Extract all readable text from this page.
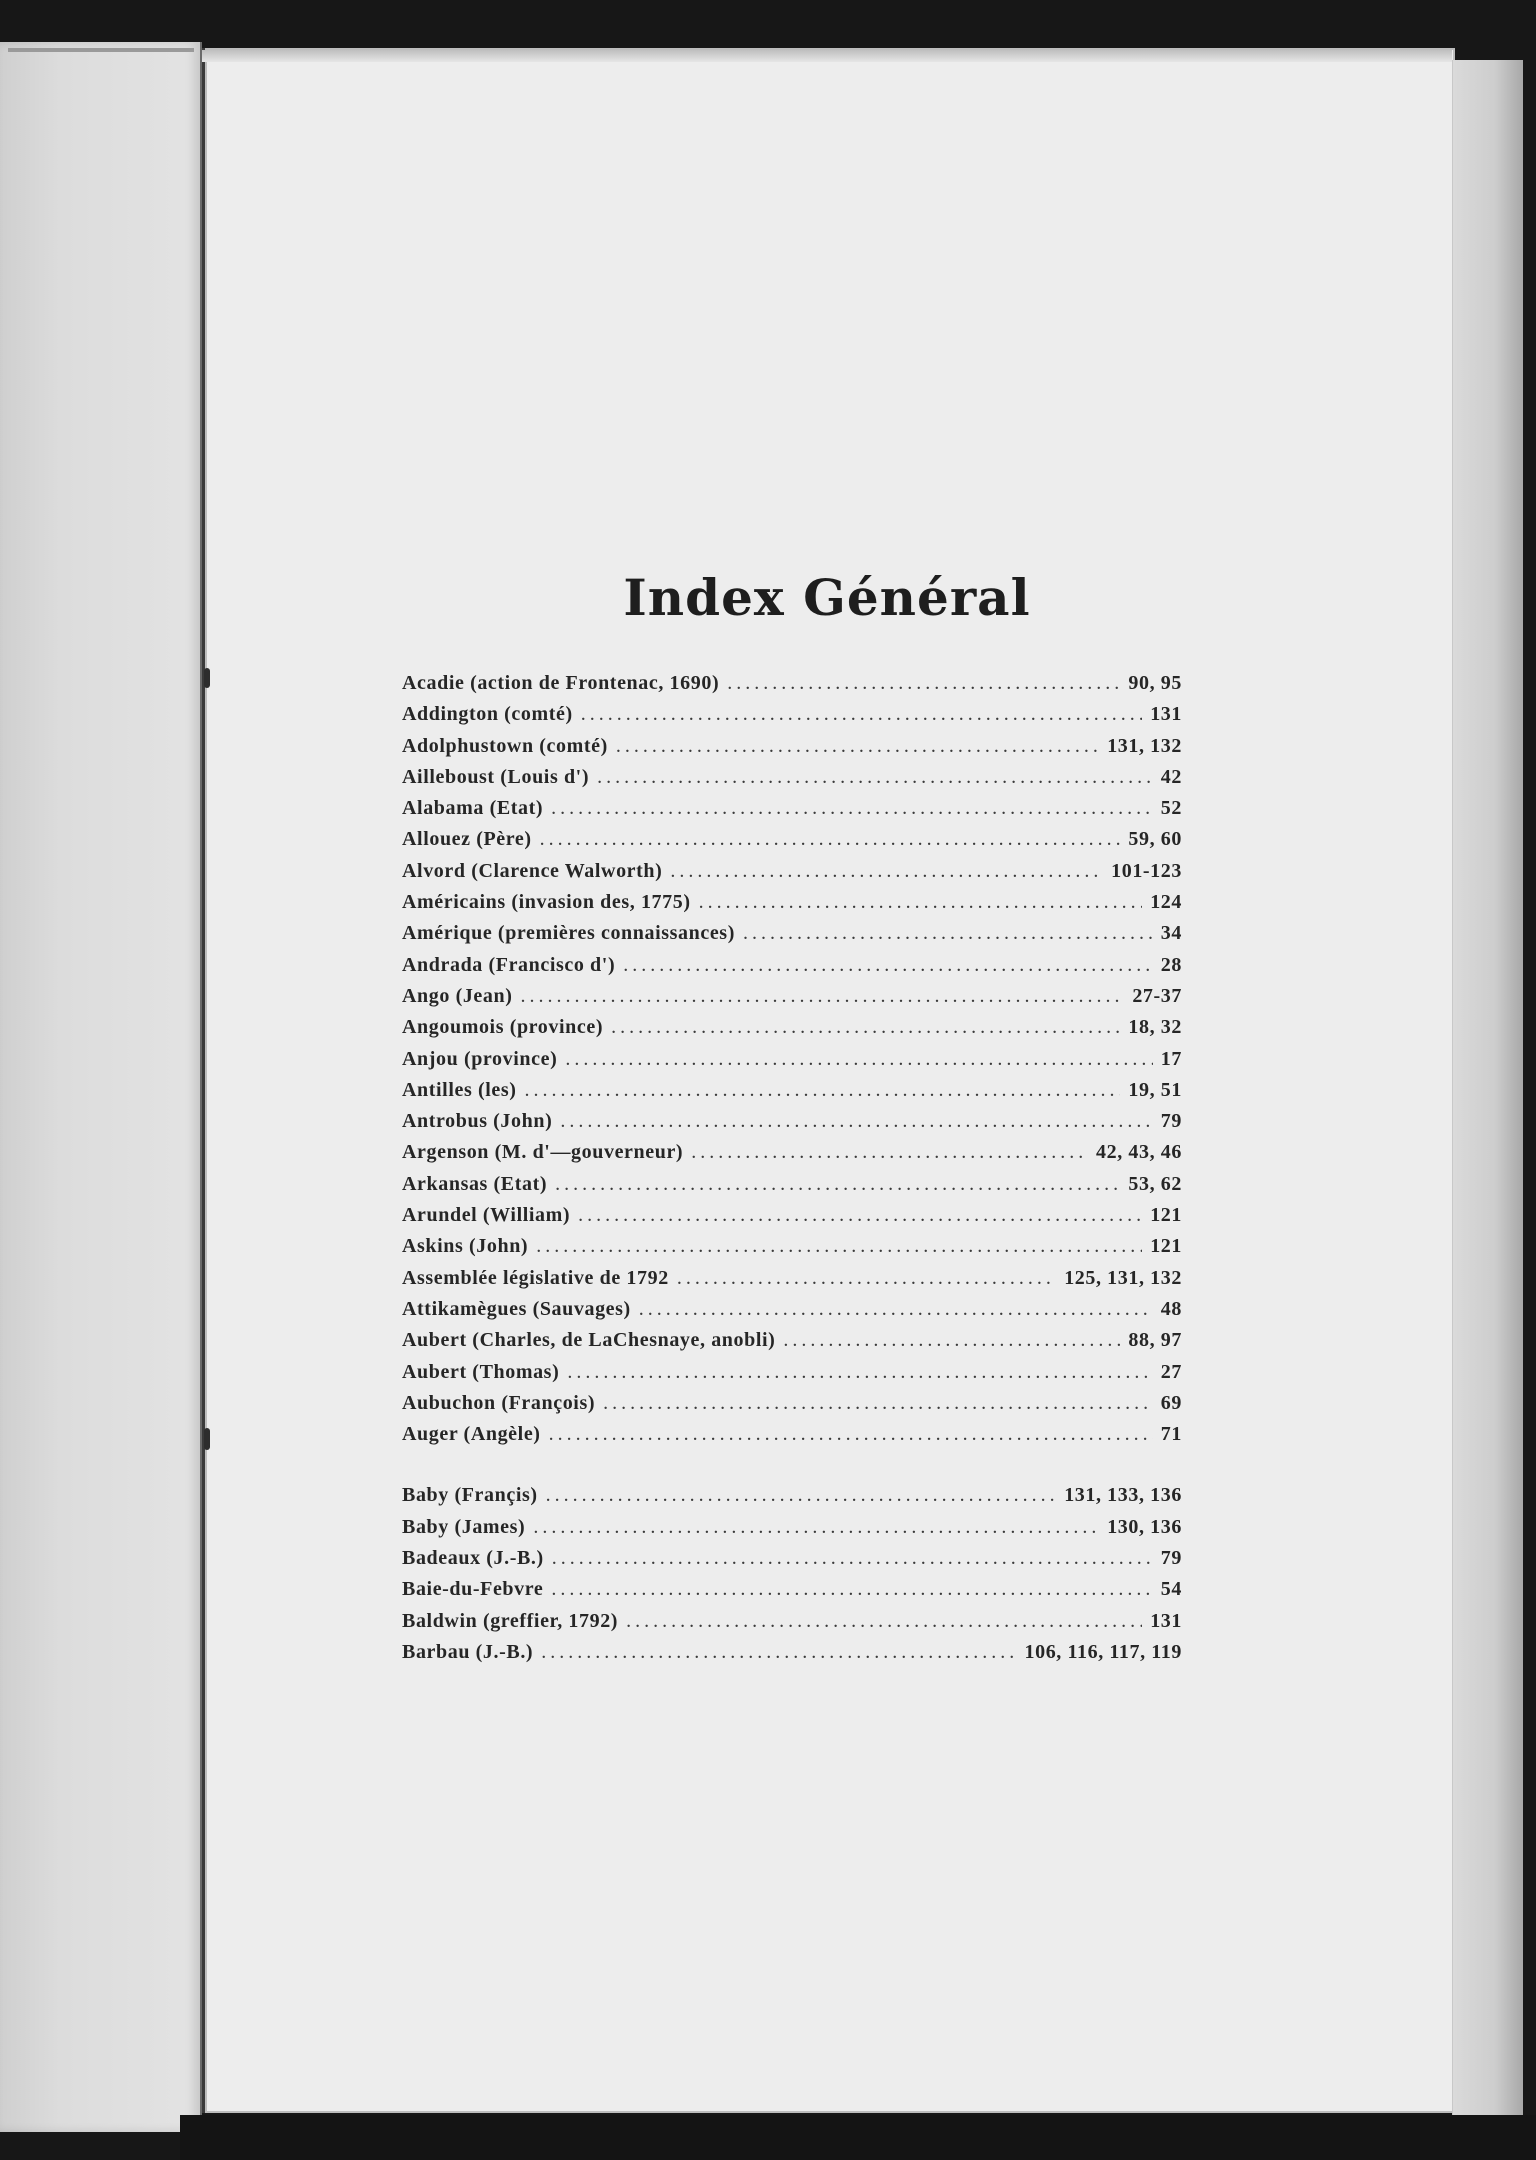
Index Général
Acadie (action de Frontenac, 1690) .....	90, 95
Addington (comté) .....	131
Adolphustown (comté) .....	131, 132
Ailleboust (Louis d') .....	42
Alabama (Etat) .....	52
Allouez (Père) .....	59, 60
Alvord (Clarence Walworth) .....	101-123
Américains (invasion des, 1775) .....	124
Amérique (premières connaissances) .....	34
Andrada (Francisco d') .....	28
Ango (Jean) .....	27-37
Angoumois (province) .....	18, 32
Anjou (province) .....	17
Antilles (les) .....	19, 51
Antrobus (John) .....	79
Argenson (M. d'—gouverneur) .....	42, 43, 46
Arkansas (Etat) .....	53, 62
Arundel (William) .....	121
Askins (John) .....	121
Assemblée législative de 1792 .....	125, 131, 132
Attikamègues (Sauvages) .....	48
Aubert (Charles, de LaChesnaye, anobli) .....	88, 97
Aubert (Thomas) .....	27
Aubuchon (François) .....	69
Auger (Angèle) .....	71
Baby (Françis) .....	131, 133, 136
Baby (James) .....	130, 136
Badeaux (J.-B.) .....	79
Baie-du-Febvre .....	54
Baldwin (greffier, 1792) .....	131
Barbau (J.-B.) .....	106, 116, 117, 119
